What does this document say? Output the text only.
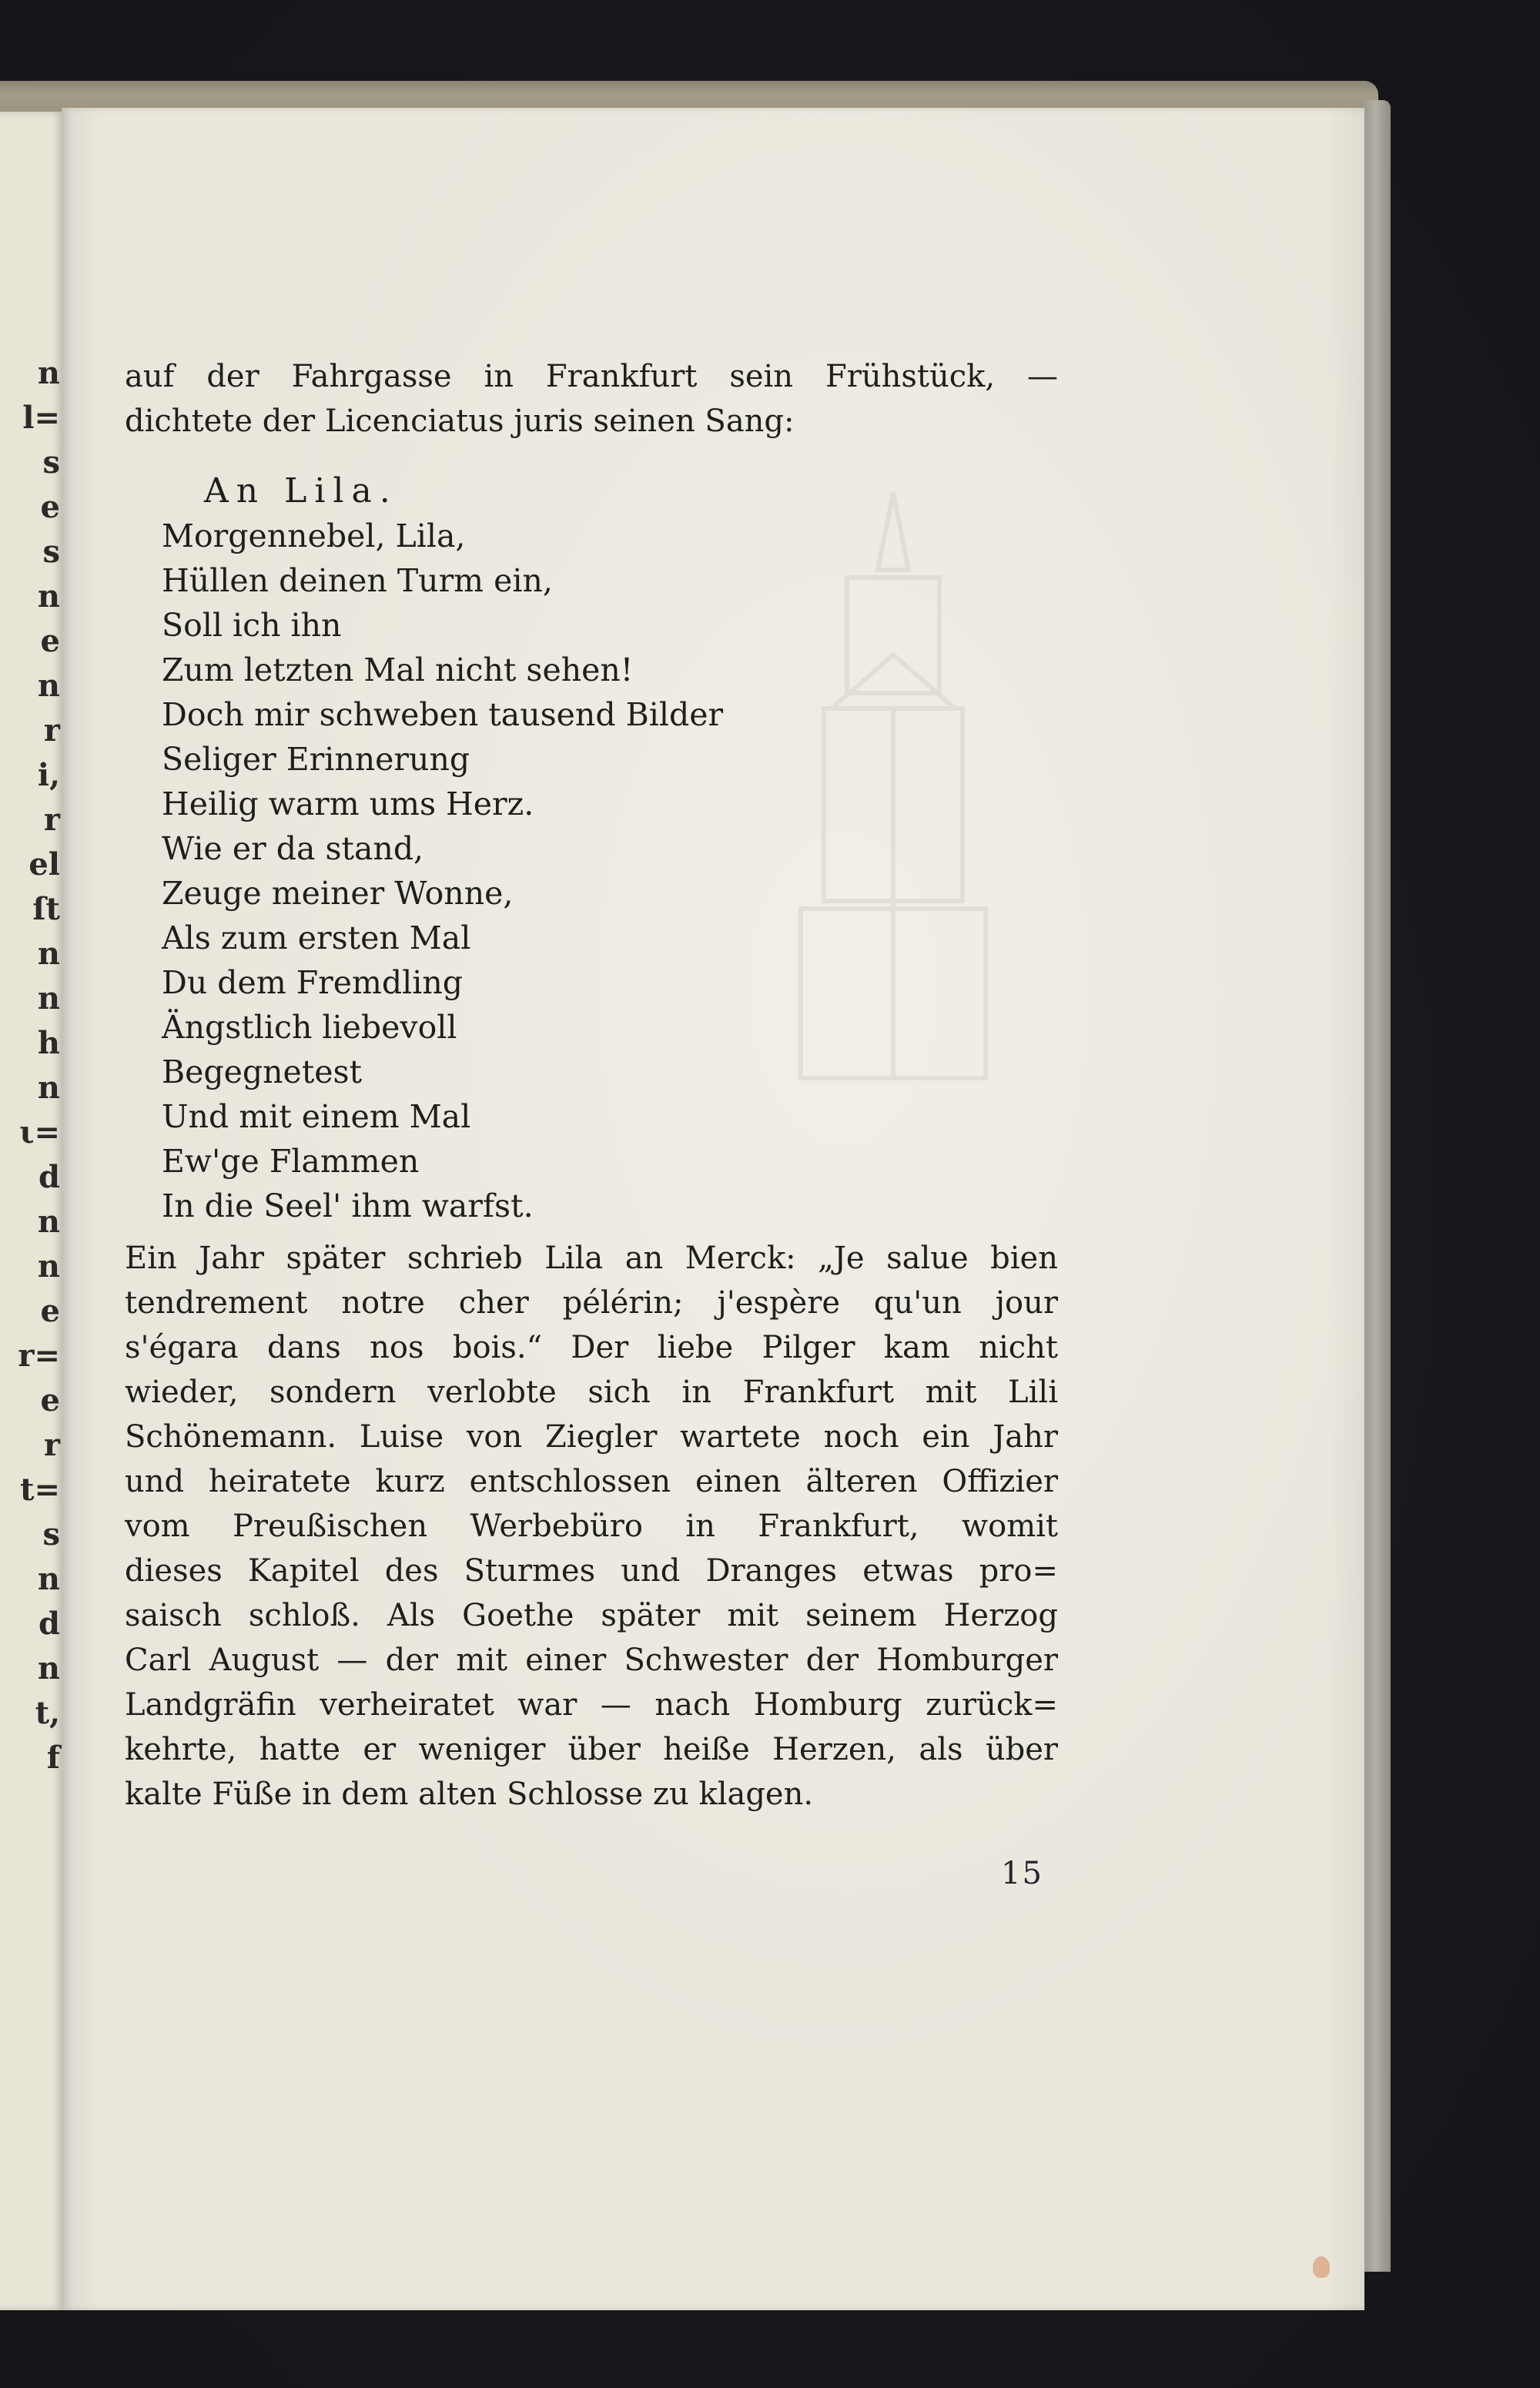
n
l=
s
e
s
n
e
n
r
i,
r
el
ſt
n
n
h
n
ι=
d
n
n
e
r=
e
r
t=
s
n
d
n
t,
f
auf der Fahrgasse in Frankfurt sein Frühstück, —
dichtete der Licenciatus juris seinen Sang:
An Lila.
Morgennebel, Lila,
Hüllen deinen Turm ein,
Soll ich ihn
Zum letzten Mal nicht sehen!
Doch mir schweben tausend Bilder
Seliger Erinnerung
Heilig warm ums Herz.
Wie er da stand,
Zeuge meiner Wonne,
Als zum ersten Mal
Du dem Fremdling
Ängstlich liebevoll
Begegnetest
Und mit einem Mal
Ew'ge Flammen
In die Seel' ihm warfst.
Ein Jahr später schrieb Lila an Merck: „Je salue bien
tendrement notre cher pélérin; j'espère qu'un jour
s'égara dans nos bois.“ Der liebe Pilger kam nicht
wieder, sondern verlobte sich in Frankfurt mit Lili
Schönemann. Luise von Ziegler wartete noch ein Jahr
und heiratete kurz entschlossen einen älteren Offizier
vom Preußischen Werbebüro in Frankfurt, womit
dieses Kapitel des Sturmes und Dranges etwas pro=
saisch schloß. Als Goethe später mit seinem Herzog
Carl August — der mit einer Schwester der Homburger
Landgräfin verheiratet war — nach Homburg zurück=
kehrte, hatte er weniger über heiße Herzen, als über
kalte Füße in dem alten Schlosse zu klagen.
15
